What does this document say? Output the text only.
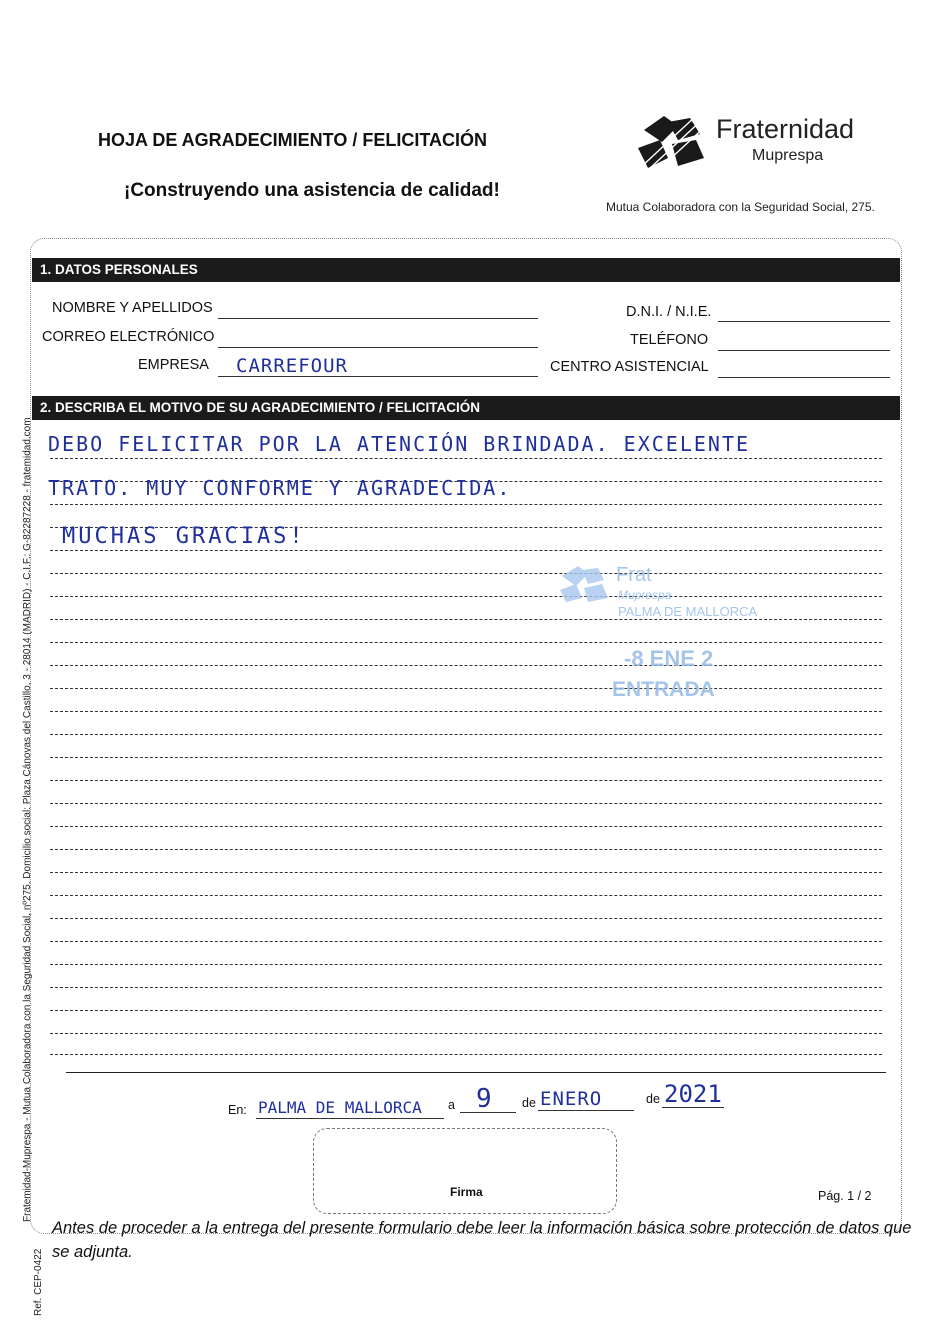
HOJA DE AGRADECIMIENTO / FELICITACIÓN
¡Construyendo una asistencia de calidad!
Fraternidad
Muprespa
Mutua Colaboradora con la Seguridad Social, 275.
1. DATOS PERSONALES
NOMBRE Y APELLIDOS
CORREO ELECTRÓNICO
EMPRESA CARREFOUR
D.N.I. / N.I.E.
TELÉFONO
CENTRO ASISTENCIAL
2. DESCRIBA EL MOTIVO DE SU AGRADECIMIENTO / FELICITACIÓN
DEBO FELICITAR POR LA ATENCIÓN BRINDADA. EXCELENTE
TRATO. MUY CONFORME Y AGRADECIDA.
MUCHAS GRACIAS!
Frat
Muprespa
PALMA DE MALLORCA
-8 ENE 2
ENTRADA
En: PALMA DE MALLORCA a 9 de ENERO	de 2021
Firma	Pág. 1 / 2
Antes de proceder a la entrega del presente formulario debe leer la información básica sobre protección de datos que se adjunta.
Fratemidad-Muprespa - Mutua Colaboradora con la Seguridad Social, nº275. Domicilio social: Plaza Cánovas del Castillo, 3 - 28014 (MADRID) - C.I.F.: G-82287228 - fratemidad.com
Ref. CEP-0422
